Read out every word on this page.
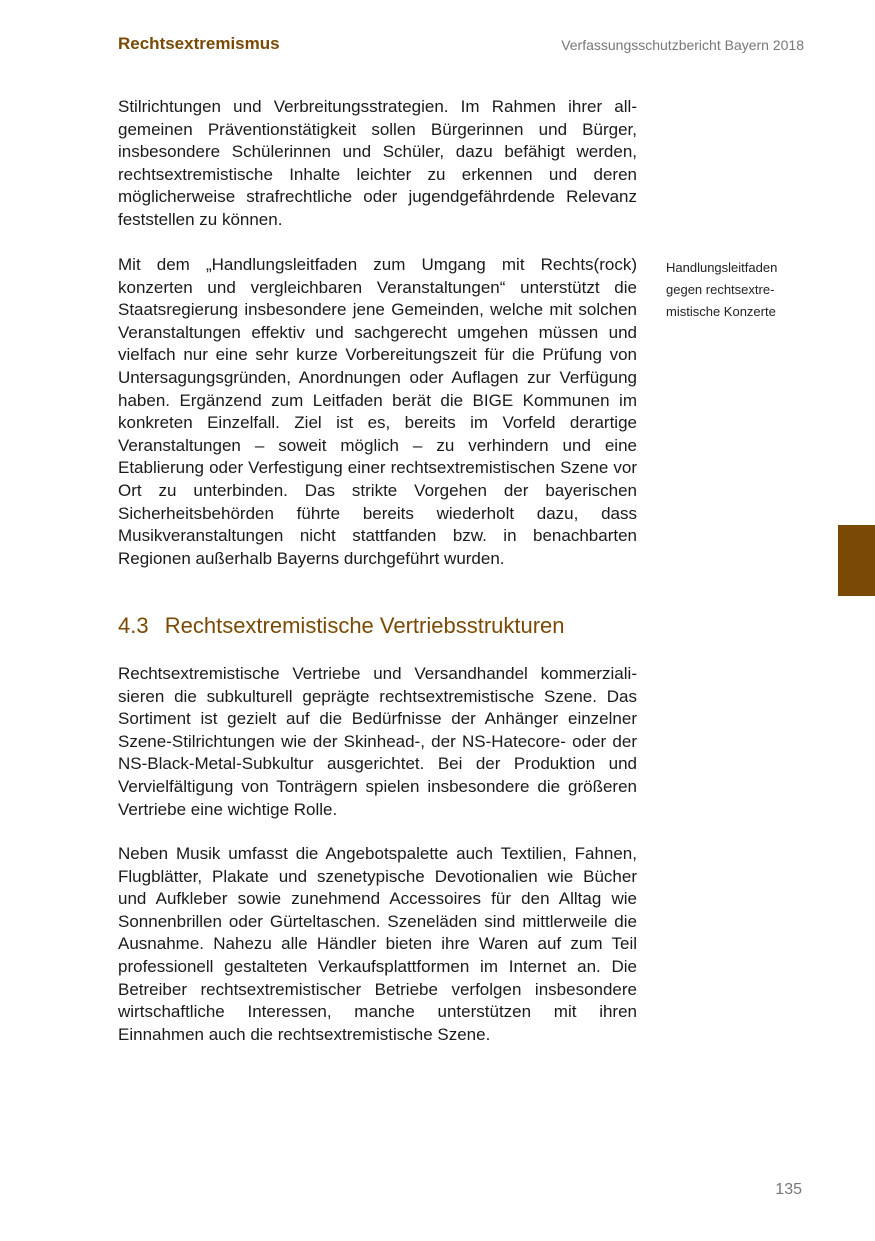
Rechtsextremismus	Verfassungsschutzbericht Bayern 2018

Stilrichtungen und Verbreitungsstrategien. Im Rahmen ihrer allgemeinen Präventionstätigkeit sollen Bürgerinnen und Bürger, insbesondere Schülerinnen und Schüler, dazu befähigt werden, rechtsextremistische Inhalte leichter zu erkennen und deren möglicherweise strafrechtliche oder jugendgefährdende Relevanz feststellen zu können.

Mit dem „Handlungsleitfaden zum Umgang mit Rechts(rock) konzerten und vergleichbaren Veranstaltungen“ unterstützt die Staatsregierung insbesondere jene Gemeinden, welche mit solchen Veranstaltungen effektiv und sachgerecht umgehen müssen und vielfach nur eine sehr kurze Vorbereitungszeit für die Prüfung von Untersagungsgründen, Anordnungen oder Auflagen zur Verfügung haben. Ergänzend zum Leitfaden berät die BIGE Kommunen im konkreten Einzelfall. Ziel ist es, bereits im Vorfeld derartige Veranstaltungen – soweit möglich – zu verhindern und eine Etablierung oder Verfestigung einer rechtsextremistischen Szene vor Ort zu unterbinden. Das strikte Vorgehen der bayerischen Sicherheitsbehörden führte bereits wiederholt dazu, dass Musikveranstaltungen nicht stattfanden bzw. in benachbarten Regionen außerhalb Bayerns durchgeführt wurden.

Handlungsleitfaden
gegen rechtsextre-
mistische Konzerte
4.3 Rechtsextremistische Vertriebsstrukturen

Rechtsextremistische Vertriebe und Versandhandel kommerzialisieren die subkulturell geprägte rechtsextremistische Szene. Das Sortiment ist gezielt auf die Bedürfnisse der Anhänger einzelner Szene-Stilrichtungen wie der Skinhead-, der NS-Hatecore- oder der NS-Black-Metal-Subkultur ausgerichtet. Bei der Produktion und Vervielfältigung von Tonträgern spielen insbesondere die größeren Vertriebe eine wichtige Rolle.

Neben Musik umfasst die Angebotspalette auch Textilien, Fahnen, Flugblätter, Plakate und szenetypische Devotionalien wie Bücher und Aufkleber sowie zunehmend Accessoires für den Alltag wie Sonnenbrillen oder Gürteltaschen. Szeneläden sind mittlerweile die Ausnahme. Nahezu alle Händler bieten ihre Waren auf zum Teil professionell gestalteten Verkaufsplattformen im Internet an. Die Betreiber rechtsextremistischer Betriebe verfolgen insbesondere wirtschaftliche Interessen, manche unterstützen mit ihren Einnahmen auch die rechtsextremistische Szene.

135
